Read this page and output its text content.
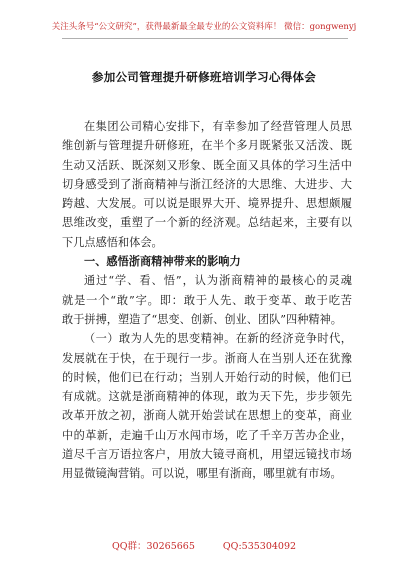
关注头条号“公文研究”，获得最新最全最专业的公文资料库！ 微信：gongwenyj
参加公司管理提升研修班培训学习心得体会
在集团公司精心安排下，有幸参加了经营管理人员思
维创新与管理提升研修班，在半个多月既紧张又活泼、既
生动又活跃、既深刻又形象、既全面又具体的学习生活中
切身感受到了浙商精神与浙江经济的大思维、大进步、大
跨越、大发展。可以说是眼界大开、境界提升、思想颇履
思维改变，重塑了一个新的经济观。总结起来，主要有以
下几点感悟和体会。
一、感悟浙商精神带来的影响力
通过“学、看、悟”，认为浙商精神的最核心的灵魂
就是一个“敢”字。即：敢于人先、敢于变革、敢于吃苦
敢于拼搏，塑造了“思变、创新、创业、团队”四种精神。
（一）敢为人先的思变精神。在新的经济竞争时代，
发展就在于快，在于现行一步。浙商人在当别人还在犹豫
的时候，他们已在行动；当别人开始行动的时候，他们已
有成就。这就是浙商精神的体现，敢为天下先，步步领先
改革开放之初，浙商人就开始尝试在思想上的变革，商业
中的革新，走遍千山万水闯市场，吃了千辛万苦办企业，
道尽千言万语拉客户，用放大镜寻商机，用望远镜找市场
用显微镜淘营销。可以说，哪里有浙商，哪里就有市场。
QQ群：30265665	QQ:535304092
